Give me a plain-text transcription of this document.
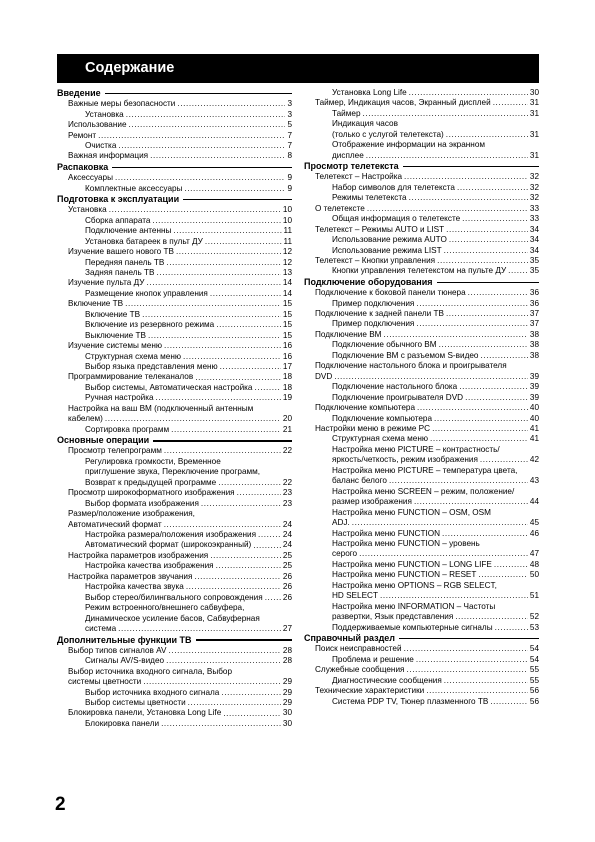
Содержание
Введение
Важные меры безопасности .....	3
Установка .....	3
Использование .....	5
Ремонт .....	7
Очистка .....	7
Важная информация .....	8
Распаковка
Аксессуары .....	9
Комплектные аксессуары .....	9
Подготовка к эксплуатации
Установка .....	10
Сборка аппарата .....	10
Подключение антенны .....	11
Установка батареек в пульт ДУ .....	11
Изучение вашего нового ТВ .....	12
Передняя панель ТВ .....	12
Задняя панель ТВ .....	13
Изучение пульта ДУ .....	14
Размещение кнопок управления .....	14
Включение ТВ .....	15
Включение ТВ .....	15
Включение из резервного режима .....	15
Выключение ТВ .....	15
Изучение системы меню .....	16
Структурная схема меню .....	16
Выбор языка представления меню .....	17
Программирование телеканалов .....	18
Выбор системы, Автоматическая настройка .....	18
Ручная настройка .....	19
Настройка на ваш ВМ (подключенный антенным
кабелем) .....	20
Сортировка программ .....	21
Основные операции
Просмотр телепрограмм .....	22
Регулировка громкости, Временное
приглушение звука, Переключение программ,
Возврат к предыдущей программе .....	22
Просмотр широкоформатного изображения .....	23
Выбор формата изображения .....	23
Размер/положение изображения,
Автоматический формат .....	24
Настройка размера/положения изображения .....	24
Автоматический формат (широкоэкранный) .....	24
Настройка параметров изображения .....	25
Настройка качества изображения .....	25
Настройка параметров звучания .....	26
Настройка качества звука .....	26
Выбор стерео/билингвального сопровождения ..... 26
Режим встроенного/внешнего сабвуфера,
Динамическое усиление басов, Сабвуферная
система .....	27
Дополнительные функции ТВ
Выбор типов сигналов AV .....	28
Сигналы AV/S-видео .....	28
Выбор источника входного сигнала, Выбор
системы цветности .....	29
Выбор источника входного сигнала .....	29
Выбор системы цветности .....	29
Блокировка панели, Установка Long Life .....	30
Блокировка панели .....	30
Установка Long Life .....	30
Таймер, Индикация часов, Экранный дисплей .....	31
Таймер .....	31
Индикация часов
(только с услугой телетекста) .....	31
Отображение информации на экранном
дисплее .....	31
Просмотр телетекста
Телетекст – Настройка .....	32
Набор символов для телетекста .....	32
Режимы телетекста .....	32
О телетексте .....	33
Общая информация о телетексте .....	33
Телетекст – Режимы AUTO и LIST .....	34
Использование режима AUTO .....	34
Использование режима LIST .....	34
Телетекст – Кнопки управления .....	35
Кнопки управления телетекстом на пульте ДУ .....	35
Подключение оборудования
Подключение к боковой панели тюнера .....	36
Пример подключения .....	36
Подключение к задней панели ТВ .....	37
Пример подключения .....	37
Подключение ВМ .....	38
Подключение обычного ВМ .....	38
Подключение ВМ с разъемом S-видео .....	38
Подключение настольного блока и проигрывателя
DVD .....	39
Подключение настольного блока .....	39
Подключение проигрывателя DVD .....	39
Подключение компьютера .....	40
Подключение компьютера .....	40
Настройки меню в режиме PC .....	41
Структурная схема меню .....	41
Настройка меню PICTURE – контрастность/
яркость/четкость, режим изображения .....	42
Настройка меню PICTURE – температура цвета,
баланс белого .....	43
Настройка меню SCREEN – режим, положение/
размер изображения .....	44
Настройка меню FUNCTION – OSM, OSM
ADJ. .....	45
Настройка меню FUNCTION .....	46
Настройка меню FUNCTION – уровень
серого .....	47
Настройка меню FUNCTION – LONG LIFE .....	48
Настройка меню FUNCTION – RESET .....	50
Настройка меню OPTIONS – RGB SELECT,
HD SELECT .....	51
Настройка меню INFORMATION – Частоты
развертки, Язык представления .....	52
Поддерживаемые компьютерные сигналы .....	53
Справочный раздел
Поиск неисправностей .....	54
Проблема и решение .....	54
Служебные сообщения .....	55
Диагностические сообщения .....	55
Технические характеристики .....	56
Система PDP TV, Тюнер плазменного ТВ .....	56
2
